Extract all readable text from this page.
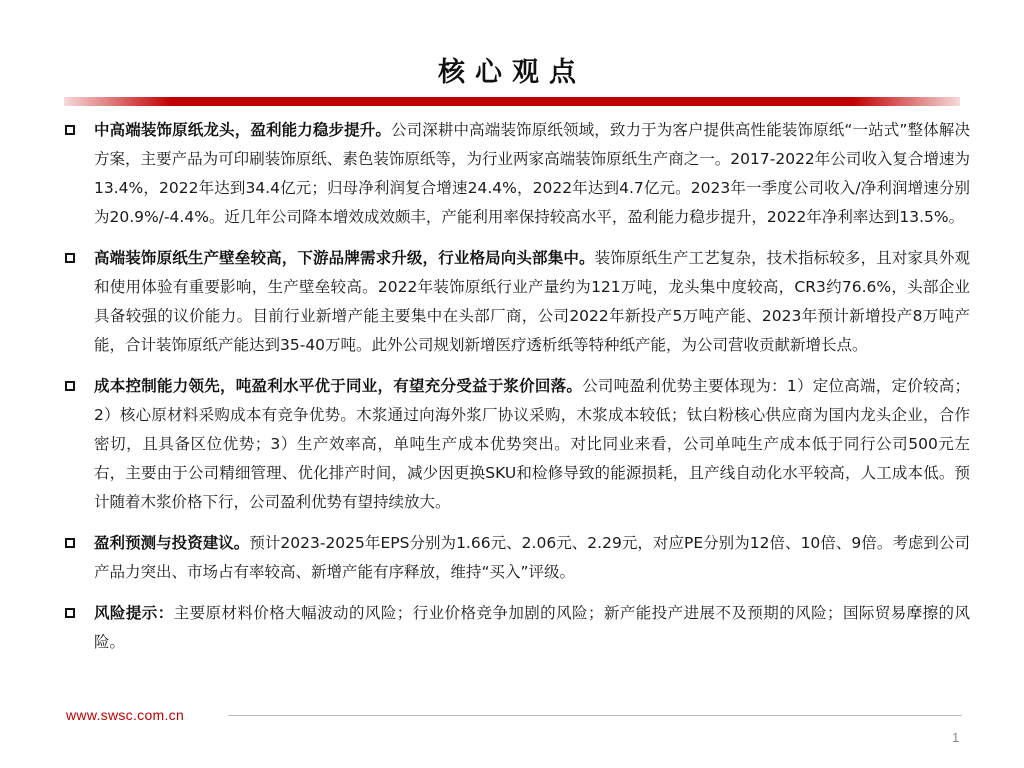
核心观点
中高端装饰原纸龙头，盈利能力稳步提升。公司深耕中高端装饰原纸领域，致力于为客户提供高性能装饰原纸“一站式”整体解决方案，主要产品为可印刷装饰原纸、素色装饰原纸等，为行业两家高端装饰原纸生产商之一。2017-2022年公司收入复合增速为13.4%，2022年达到34.4亿元；归母净利润复合增速24.4%，2022年达到4.7亿元。2023年一季度公司收入/净利润增速分别为20.9%/-4.4%。近几年公司降本增效成效颇丰，产能利用率保持较高水平，盈利能力稳步提升，2022年净利率达到13.5%。
高端装饰原纸生产壁垒较高，下游品牌需求升级，行业格局向头部集中。装饰原纸生产工艺复杂，技术指标较多，且对家具外观和使用体验有重要影响，生产壁垒较高。2022年装饰原纸行业产量约为121万吨，龙头集中度较高，CR3约76.6%，头部企业具备较强的议价能力。目前行业新增产能主要集中在头部厂商，公司2022年新投产5万吨产能、2023年预计新增投产8万吨产能，合计装饰原纸产能达到35-40万吨。此外公司规划新增医疗透析纸等特种纸产能，为公司营收贡献新增长点。
成本控制能力领先，吨盈利水平优于同业，有望充分受益于浆价回落。公司吨盈利优势主要体现为：1）定位高端，定价较高；2）核心原材料采购成本有竞争优势。木浆通过向海外浆厂协议采购，木浆成本较低；钛白粉核心供应商为国内龙头企业，合作密切，且具备区位优势；3）生产效率高，单吨生产成本优势突出。对比同业来看，公司单吨生产成本低于同行公司500元左右，主要由于公司精细管理、优化排产时间，减少因更换SKU和检修导致的能源损耗，且产线自动化水平较高，人工成本低。预计随着木浆价格下行，公司盈利优势有望持续放大。
盈利预测与投资建议。预计2023-2025年EPS分别为1.66元、2.06元、2.29元，对应PE分别为12倍、10倍、9倍。考虑到公司产品力突出、市场占有率较高、新增产能有序释放，维持“买入”评级。
风险提示：主要原材料价格大幅波动的风险；行业价格竞争加剧的风险；新产能投产进展不及预期的风险；国际贸易摩擦的风险。
www.swsc.com.cn
1
